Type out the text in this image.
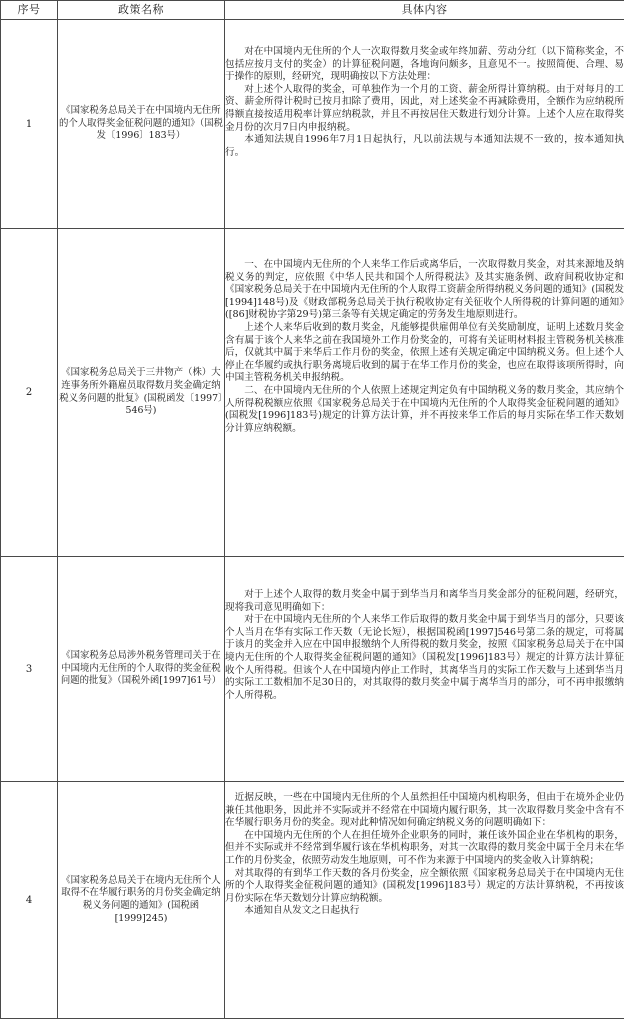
序号	政策名称	具体内容
1	《国家税务总局关于在中国境内无住所的个人取得奖金征税问题的通知》（国税发〔1996〕183号）	对在中国境内无住所的个人一次取得数月奖金或年终加薪、劳动分红（以下简称奖金，不包括应按月支付的奖金）的计算征税问题，各地询问颇多，且意见不一。按照简便、合理、易于操作的原则，经研究，现明确按以下方法处理：

对上述个人取得的奖金，可单独作为一个月的工资、薪金所得计算纳税。由于对每月的工资、薪金所得计税时已按月扣除了费用，因此，对上述奖金不再减除费用，全额作为应纳税所得额直接按适用税率计算应纳税款，并且不再按居住天数进行划分计算。上述个人应在取得奖金月份的次月7日内申报纳税。

本通知法规自1996年7月1日起执行，凡以前法规与本通知法规不一致的，按本通知执行。

2	《国家税务总局关于三井物产（株）大连事务所外籍雇员取得数月奖金确定纳税义务问题的批复》(国税函发〔1997〕546号)	一、在中国境内无住所的个人来华工作后或离华后，一次取得数月奖金，对其来源地及纳税义务的判定，应依照《中华人民共和国个人所得税法》及其实施条例、政府间税收协定和《国家税务总局关于在中国境内无住所的个人取得工资薪金所得纳税义务问题的通知》(国税发[1994]148号)及《财政部税务总局关于执行税收协定有关征收个人所得税的计算问题的通知》([86]财税协字第29号)第三条等有关规定确定的劳务发生地原则进行。

上述个人来华后收到的数月奖金，凡能够提供雇佣单位有关奖励制度，证明上述数月奖金含有属于该个人来华之前在我国境外工作月份奖金的，可将有关证明材料报主管税务机关核准后，仅就其中属于来华后工作月份的奖金，依照上述有关规定确定中国纳税义务。但上述个人停止在华履约或执行职务离境后收到的属于在华工作月份的奖金，也应在取得该项所得时，向中国主管税务机关申报纳税。

二、在中国境内无住所的个人依照上述规定判定负有中国纳税义务的数月奖金，其应纳个人所得税税额应依照《国家税务总局关于在中国境内无住所的个人取得奖金征税问题的通知》(国税发[1996]183号)规定的计算方法计算，并不再按来华工作后的每月实际在华工作天数划分计算应纳税额。

3	《国家税务总局涉外税务管理司关于在中国境内无住所的个人取得的奖金征税问题的批复》（国税外函[1997]61号）	对于上述个人取得的数月奖金中属于到华当月和离华当月奖金部分的征税问题，经研究，现将我司意见明确如下：

对于在中国境内无住所的个人来华工作后取得的数月奖金中属于到华当月的部分，只要该个人当月在华有实际工作天数（无论长短），根据国税函[1997]546号第二条的规定，可将属于该月的奖金并入应在中国申报缴纳个人所得税的数月奖金，按照《国家税务总局关于在中国境内无住所的个人取得奖金征税问题的通知》（国税发[1996]183号）规定的计算方法计算征收个人所得税。但该个人在中国境内停止工作时，其离华当月的实际工作天数与上述到华当月的实际工工数相加不足30日的，对其取得的数月奖金中属于离华当月的部分，可不再申报缴纳个人所得税。

4	《国家税务总局关于在境内无住所个人取得不在华履行职务的月份奖金确定纳税义务问题的通知》(国税函[1999]245)	近据反映，一些在中国境内无住所的个人虽然担任中国境内机构职务，但由于在境外企业仍兼任其他职务，因此并不实际或并不经常在中国境内履行职务，其一次取得数月奖金中含有不在华履行职务月份的奖金。现对此种情况如何确定纳税义务的问题明确如下：

在中国境内无住所的个人在担任境外企业职务的同时，兼任该外国企业在华机构的职务，但并不实际或并不经常到华履行该在华机构职务，对其一次取得的数月奖金中属于全月未在华工作的月份奖金，依照劳动发生地原则，可不作为来源于中国境内的奖金收入计算纳税；

对其取得的有到华工作天数的各月份奖金，应全额依照《国家税务总局关于在中国境内无住所的个人取得奖金征税问题的通知》(国税发[1996]183号）规定的方法计算纳税，不再按该月份实际在华天数划分计算应纳税额。

本通知自从发文之日起执行
